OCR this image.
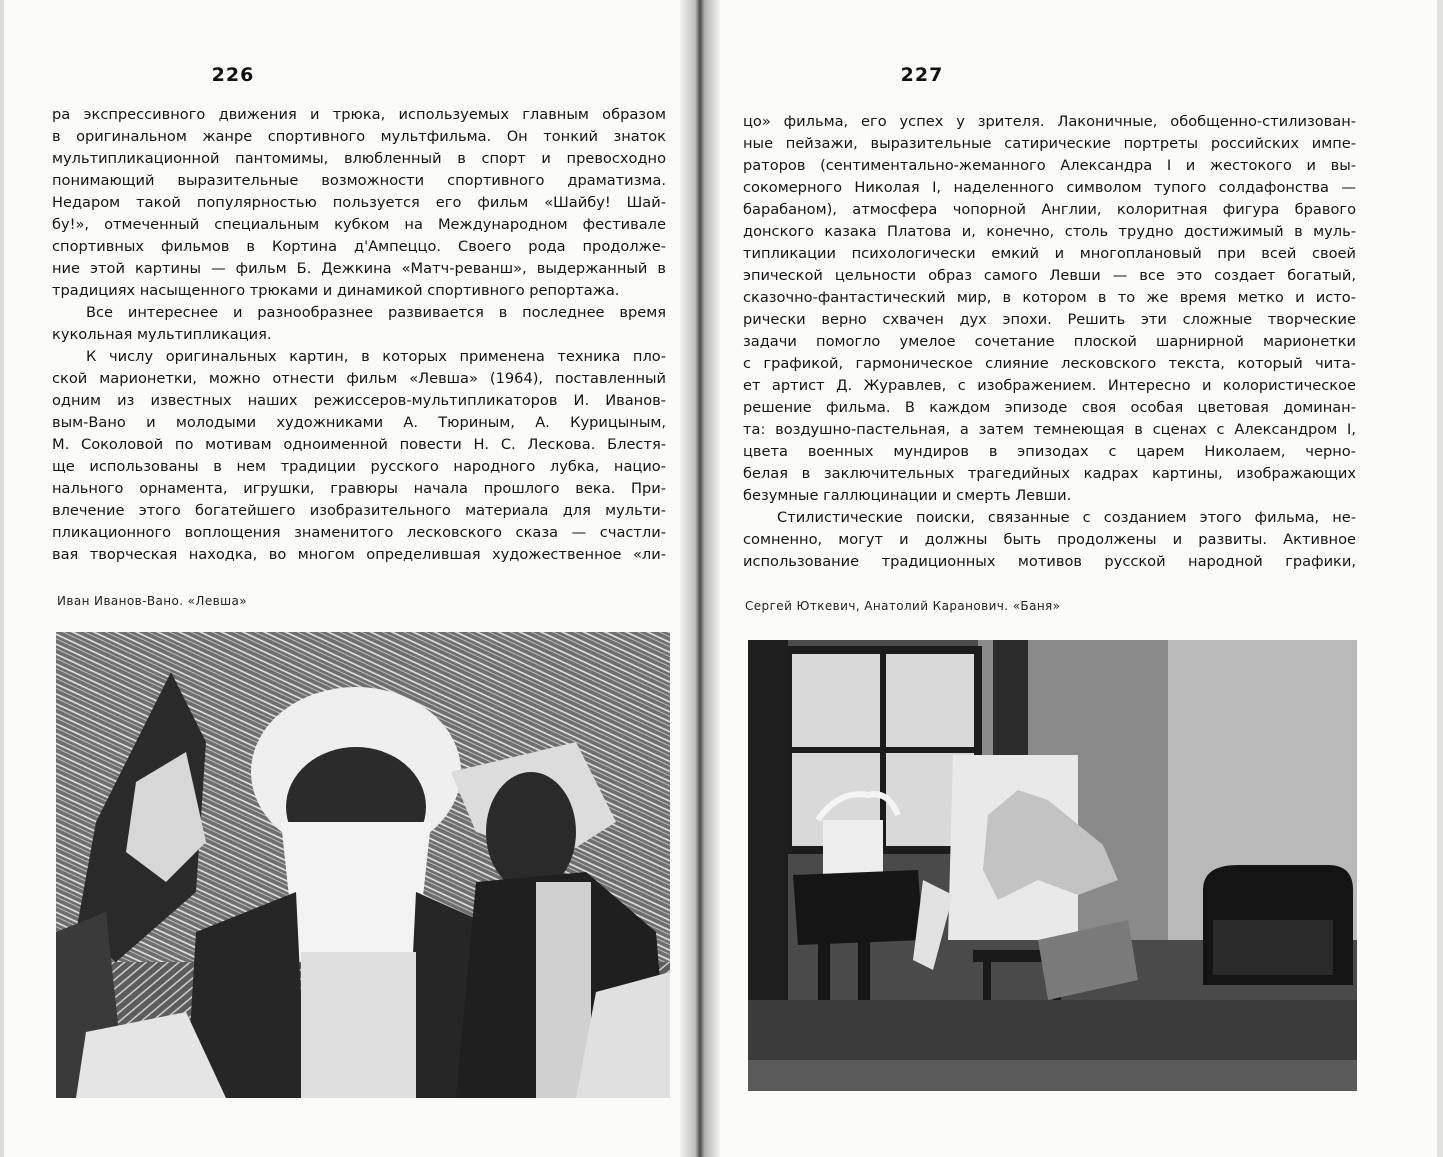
226

ра экспрессивного движения и трюка, используемых главным образом

в оригинальном жанре спортивного мультфильма. Он тонкий знаток

мультипликационной пантомимы, влюбленный в спорт и превосходно

понимающий выразительные возможности спортивного драматизма.

Недаром такой популярностью пользуется его фильм «Шайбу! Шай-

бу!», отмеченный специальным кубком на Международном фестивале

спортивных фильмов в Кортина д'Ампеццо. Своего рода продолже-

ние этой картины — фильм Б. Дежкина «Матч-реванш», выдержанный в

традициях насыщенного трюками и динамикой спортивного репортажа.

Все интереснее и разнообразнее развивается в последнее время

кукольная мультипликация.

К числу оригинальных картин, в которых применена техника пло-

ской марионетки, можно отнести фильм «Левша» (1964), поставленный

одним из известных наших режиссеров-мультипликаторов И. Иванов-

вым-Вано и молодыми художниками А. Тюриным, А. Курицыным,

М. Соколовой по мотивам одноименной повести Н. С. Лескова. Блестя-

ще использованы в нем традиции русского народного лубка, нацио-

нального орнамента, игрушки, гравюры начала прошлого века. При-

влечение этого богатейшего изобразительного материала для мульти-

пликационного воплощения знаменитого лесковского сказа — счастли-

вая творческая находка, во многом определившая художественное «ли-

Иван Иванов-Вано. «Левша»
227

цо» фильма, его успех у зрителя. Лаконичные, обобщенно-стилизован-

ные пейзажи, выразительные сатирические портреты российских импе-

раторов (сентиментально-жеманного Александра I и жестокого и вы-

сокомерного Николая I, наделенного символом тупого солдафонства —

барабаном), атмосфера чопорной Англии, колоритная фигура бравого

донского казака Платова и, конечно, столь трудно достижимый в муль-

типликации психологически емкий и многоплановый при всей своей

эпической цельности образ самого Левши — все это создает богатый,

сказочно-фантастический мир, в котором в то же время метко и исто-

рически верно схвачен дух эпохи. Решить эти сложные творческие

задачи помогло умелое сочетание плоской шарнирной марионетки

с графикой, гармоническое слияние лесковского текста, который чита-

ет артист Д. Журавлев, с изображением. Интересно и колористическое

решение фильма. В каждом эпизоде своя особая цветовая доминан-

та: воздушно-пастельная, а затем темнеющая в сценах с Александром I,

цвета военных мундиров в эпизодах с царем Николаем, черно-

белая в заключительных трагедийных кадрах картины, изображающих

безумные галлюцинации и смерть Левши.

Стилистические поиски, связанные с созданием этого фильма, не-

сомненно, могут и должны быть продолжены и развиты. Активное

использование традиционных мотивов русской народной графики,

Сергей Юткевич, Анатолий Каранович. «Баня»
